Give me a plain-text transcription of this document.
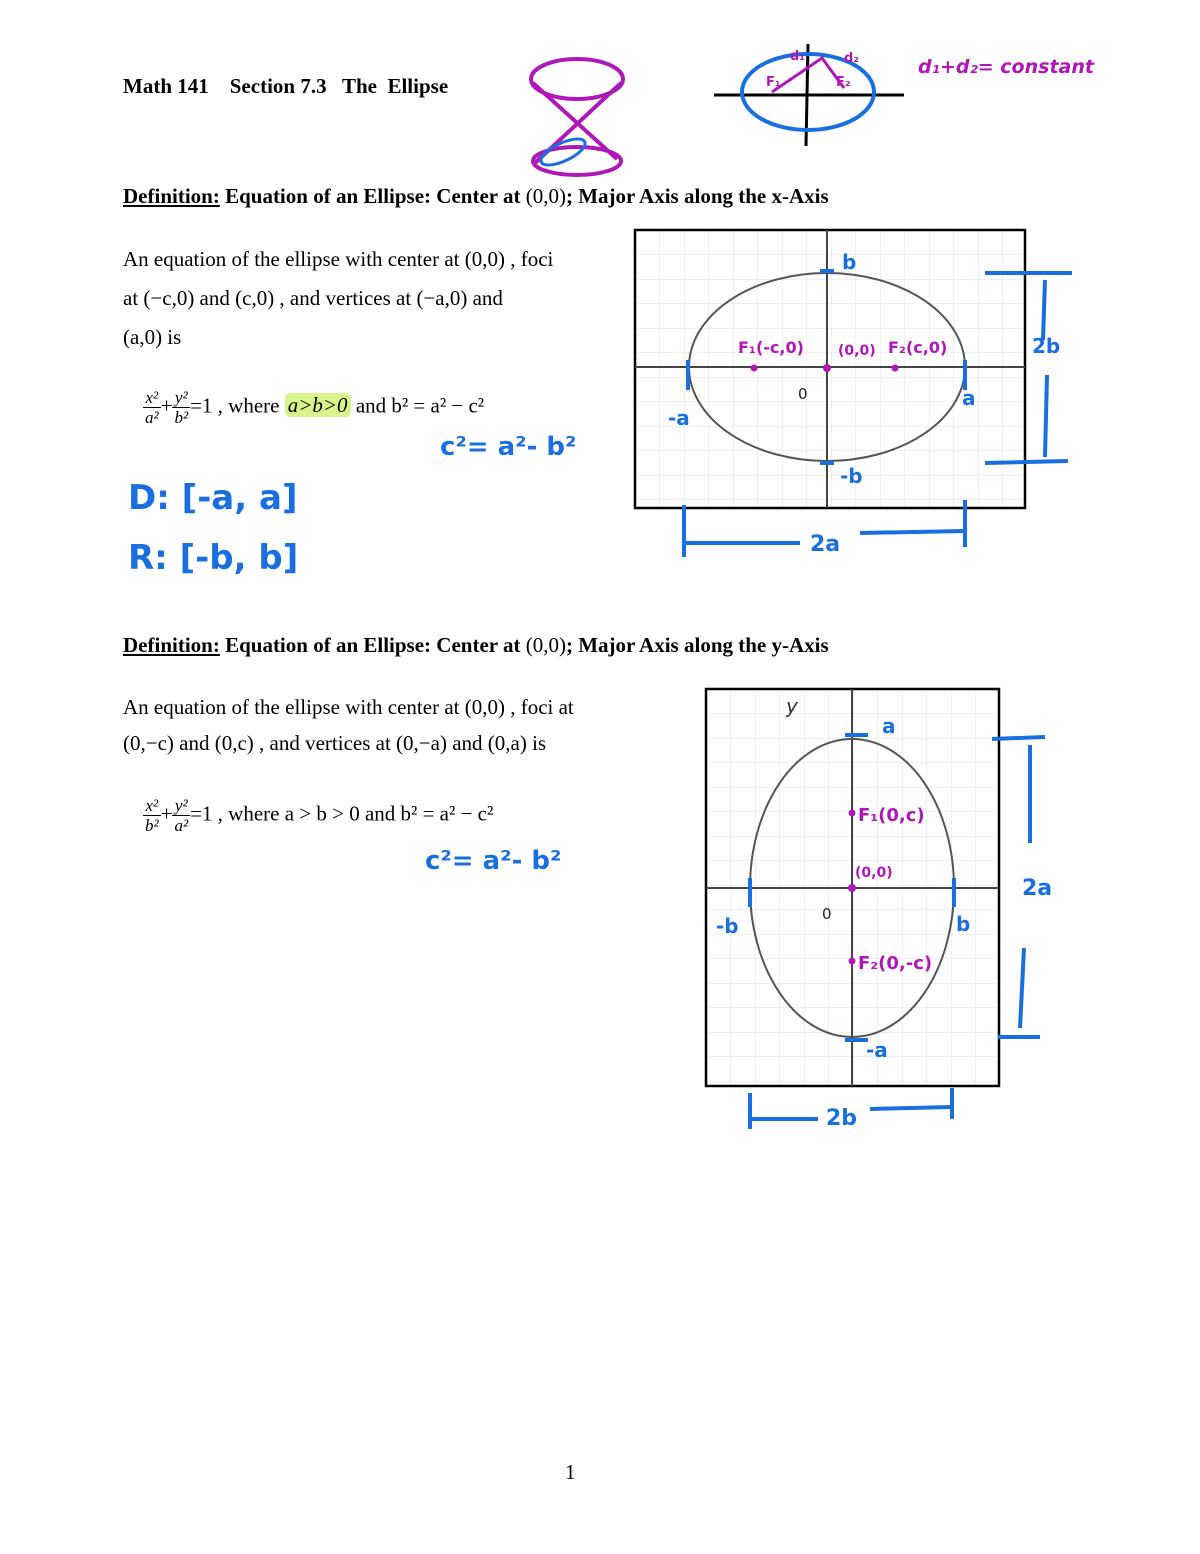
Math 141 Section 7.3 The  Ellipse	F₁	F₂
d₁	d₂	d₁+d₂= constant
Definition: Equation of an Ellipse: Center at (0,0); Major Axis along the x-Axis
An equation of the ellipse with center at (0,0) , foci
at (−c,0) and (c,0) , and vertices at (−a,0) and
(a,0) is
$\frac{\text{x²}}{\text{a²}} + \frac{\text{y²}}{\text{b²}} =1$ , where a>b>0 and b² = a² − c²
c²= a²- b²
D: [-a, a]
R: [-b, b]
0
F₁(-c,0) (0,0) F₂(c,0)
b
-b
-a
a
2b
2a
Definition: Equation of an Ellipse: Center at (0,0); Major Axis along the y-Axis
An equation of the ellipse with center at (0,0) , foci at
(0,−c) and (0,c) , and vertices at (0,−a) and (0,a) is
$\frac{\text{x²}}{\text{b²}} + \frac{\text{y²}}{\text{a²}} =1$ , where a > b > 0 and b² = a² − c²
c²= a²- b²
y
0
F₁(0,c)
(0,0)
F₂(0,-c)
a
-a
-b	b
2a
2b
1
